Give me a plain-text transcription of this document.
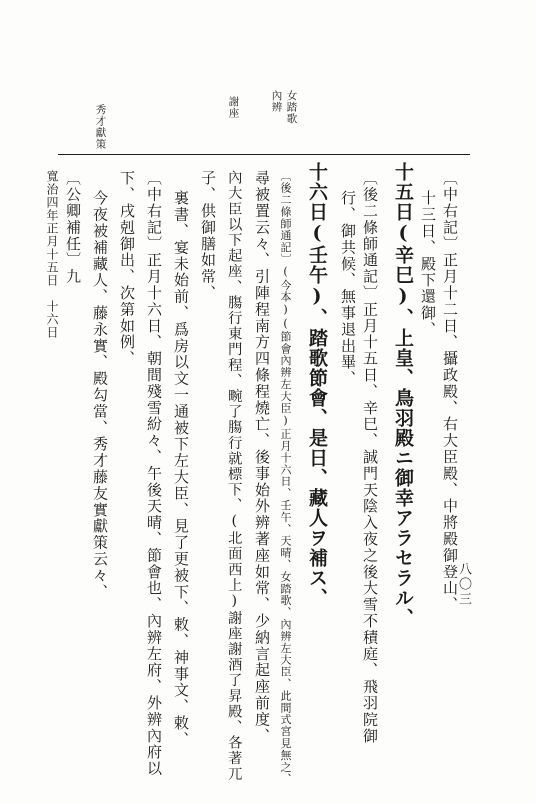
秀才獻策	女踏歌
內辨
謝座
〔中右記〕正月十二日、攝政殿、右大臣殿、中將殿御登山、
十三日、殿下還御、
十五日(辛巳)、上皇、鳥羽殿ニ御幸アラセラル、
〔後二條師通記〕正月十五日、辛巳、誠門天陰入夜之後大雪不積庭、飛羽院御
行、御共候、無事退出畢、
十六日(壬午)、踏歌節會、是日、藏人ヲ補ス、
〔後二條師通記〕(今本)(節會內辨左大臣)正月十六日、壬午、天晴、女踏歌、內辨左大臣、此間式宮見無之、
尋被置云々、引陣程南方四條程燒亡、後事始外辨著座如常、少納言起座前度、
內大臣以下起座、膓行東門程、畹了膓行就標下、(北面西上)謝座謝酒了昇殿、各著兀
子、供御膳如常、
裏書、宴未始前、爲房以文一通被下左大臣、見了更被下、敕、神事文、敕、
〔中右記〕正月十六日、朝間殘雪紛々、午後天晴、節會也、內辨左府、外辨內府以
下、戌剋御出、次第如例、
今夜被補藏人、藤永實、殿勾當、秀才藤友實獻策云々、
〔公卿補任〕九
寬治四年正月十五日　十六日
八〇三
